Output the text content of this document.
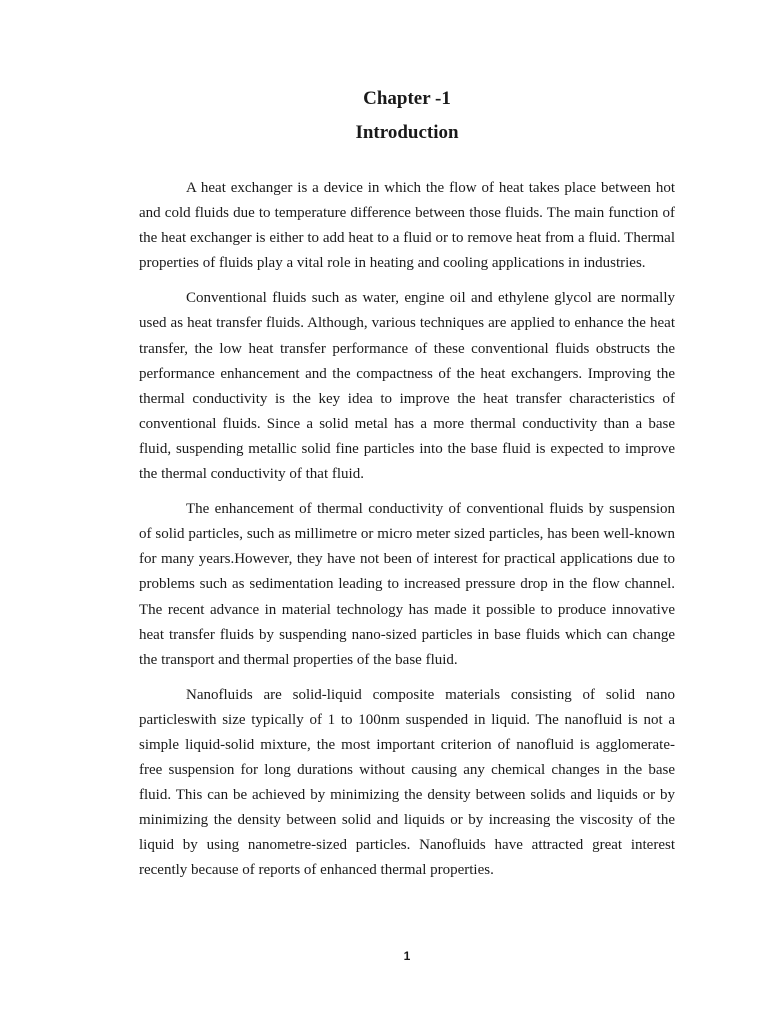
Chapter -1
Introduction

A heat exchanger is a device in which the flow of heat takes place between hot and cold fluids due to temperature difference between those fluids. The main function of the heat exchanger is either to add heat to a fluid or to remove heat from a fluid. Thermal properties of fluids play a vital role in heating and cooling applications in industries.

Conventional fluids such as water, engine oil and ethylene glycol are normally used as heat transfer fluids. Although, various techniques are applied to enhance the heat transfer, the low heat transfer performance of these conventional fluids obstructs the performance enhancement and the compactness of the heat exchangers. Improving the thermal conductivity is the key idea to improve the heat transfer characteristics of conventional fluids. Since a solid metal has a more thermal conductivity than a base fluid, suspending metallic solid fine particles into the base fluid is expected to improve the thermal conductivity of that fluid.

The enhancement of thermal conductivity of conventional fluids by suspension of solid particles, such as millimetre or micro meter sized particles, has been well-known for many years.However, they have not been of interest for practical applications due to problems such as sedimentation leading to increased pressure drop in the flow channel. The recent advance in material technology has made it possible to produce innovative heat transfer fluids by suspending nano-sized particles in base fluids which can change the transport and thermal properties of the base fluid.

Nanofluids are solid-liquid composite materials consisting of solid nano particleswith size typically of 1 to 100nm suspended in liquid. The nanofluid is not a simple liquid-solid mixture, the most important criterion of nanofluid is agglomerate-free suspension for long durations without causing any chemical changes in the base fluid. This can be achieved by minimizing the density between solids and liquids or by minimizing the density between solid and liquids or by increasing the viscosity of the liquid by using nanometre-sized particles. Nanofluids have attracted great interest recently because of reports of enhanced thermal properties.

1
